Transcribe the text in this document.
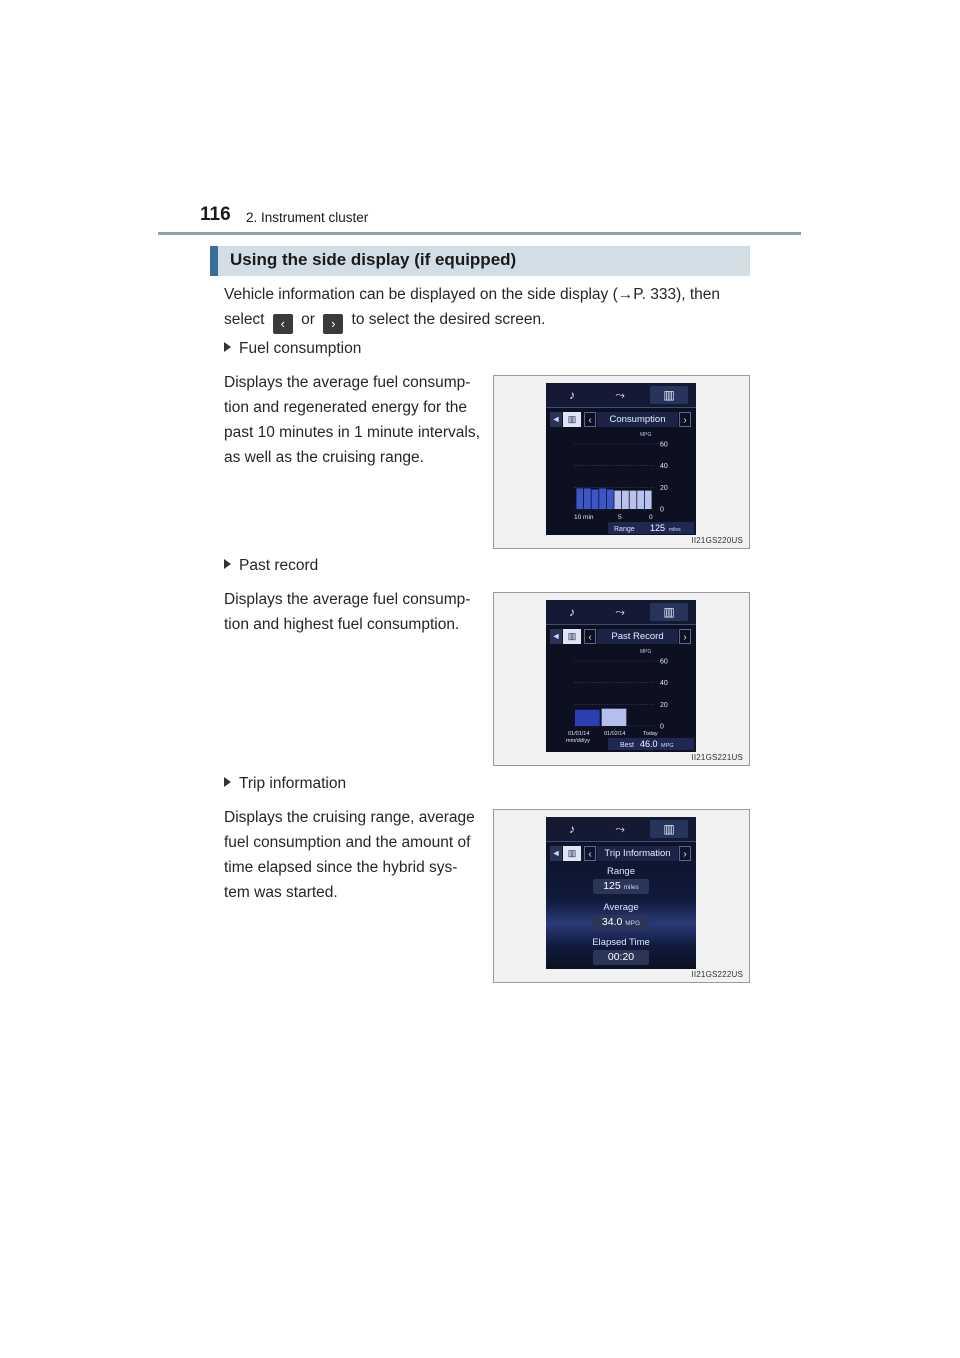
116 2. Instrument cluster
Using the side display (if equipped)
Vehicle information can be displayed on the side display (→P. 333), then
select ‹ or › to select the desired screen.
Fuel consumption
Displays the average fuel consump-
tion and regenerated energy for the
past 10 minutes in 1 minute intervals,
as well as the cruising range.
♪	⤳	▥
◄ ▥	‹	Consumption	›
MPG
60
40
20
0
10 min	5	0
Range 125 miles
II21GS220US
Past record
Displays the average fuel consump-
tion and highest fuel consumption.
♪	⤳	▥
◄ ▥	‹	Past Record	›
MPG
60
40
20
0
01/01/14	01/02/14	Today
mm/dd/yy
Best 46.0 MPG
II21GS221US
Trip information
Displays the cruising range, average
fuel consumption and the amount of
time elapsed since the hybrid sys-
tem was started.
♪	⤳	▥
◄ ▥	‹	Trip Information	›
Range
125 miles
Average
34.0 MPG
Elapsed Time
00:20
II21GS222US
